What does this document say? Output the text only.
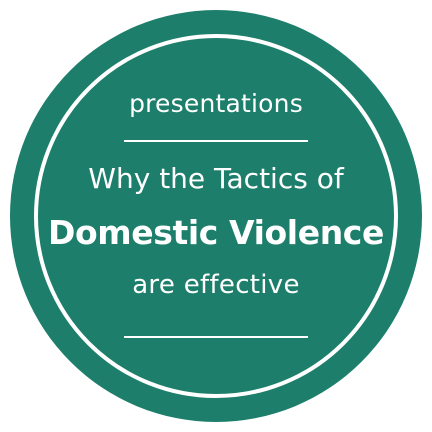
presentations
Why the Tactics of
Domestic Violence
are effective
